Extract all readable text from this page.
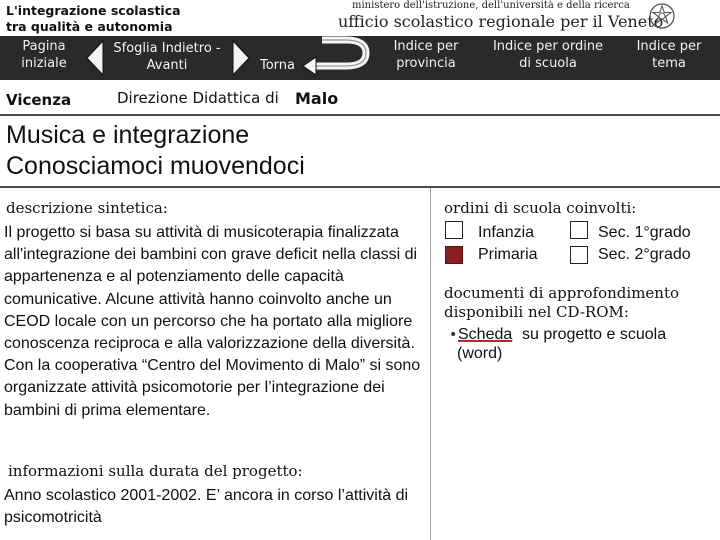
L'integrazione scolastica tra qualità e autonomia
ministero dell'istruzione, dell'università e della ricerca
ufficio scolastico regionale per il Veneto
Pagina iniziale
Sfoglia Indietro - Avanti	Torna
Indice per provincia
Indice per ordine di scuola
Indice per tema
Vicenza	Direzione Didattica di Malo
Musica e integrazione
Conosciamoci muovendoci
descrizione sintetica:
Il progetto si basa su attività di musicoterapia finalizzata all'integrazione dei bambini con grave deficit nella classi di appartenenza e al potenziamento delle capacità comunicative. Alcune attività hanno coinvolto anche un CEOD locale con un percorso che ha portato alla migliore conoscenza reciproca e alla valorizzazione della diversità. Con la cooperativa “Centro del Movimento di Malo” si sono organizzate attività psicomotorie per l’integrazione dei bambini di prima elementare.
informazioni sulla durata del progetto:
Anno scolastico 2001-2002. E’ ancora in corso l’attività di psicomotricità
ordini di scuola coinvolti:
Infanzia
Primaria
Sec. 1°grado
Sec. 2°grado
documenti di approfondimento disponibili nel CD-ROM:
• Scheda su progetto e scuola
(word)
